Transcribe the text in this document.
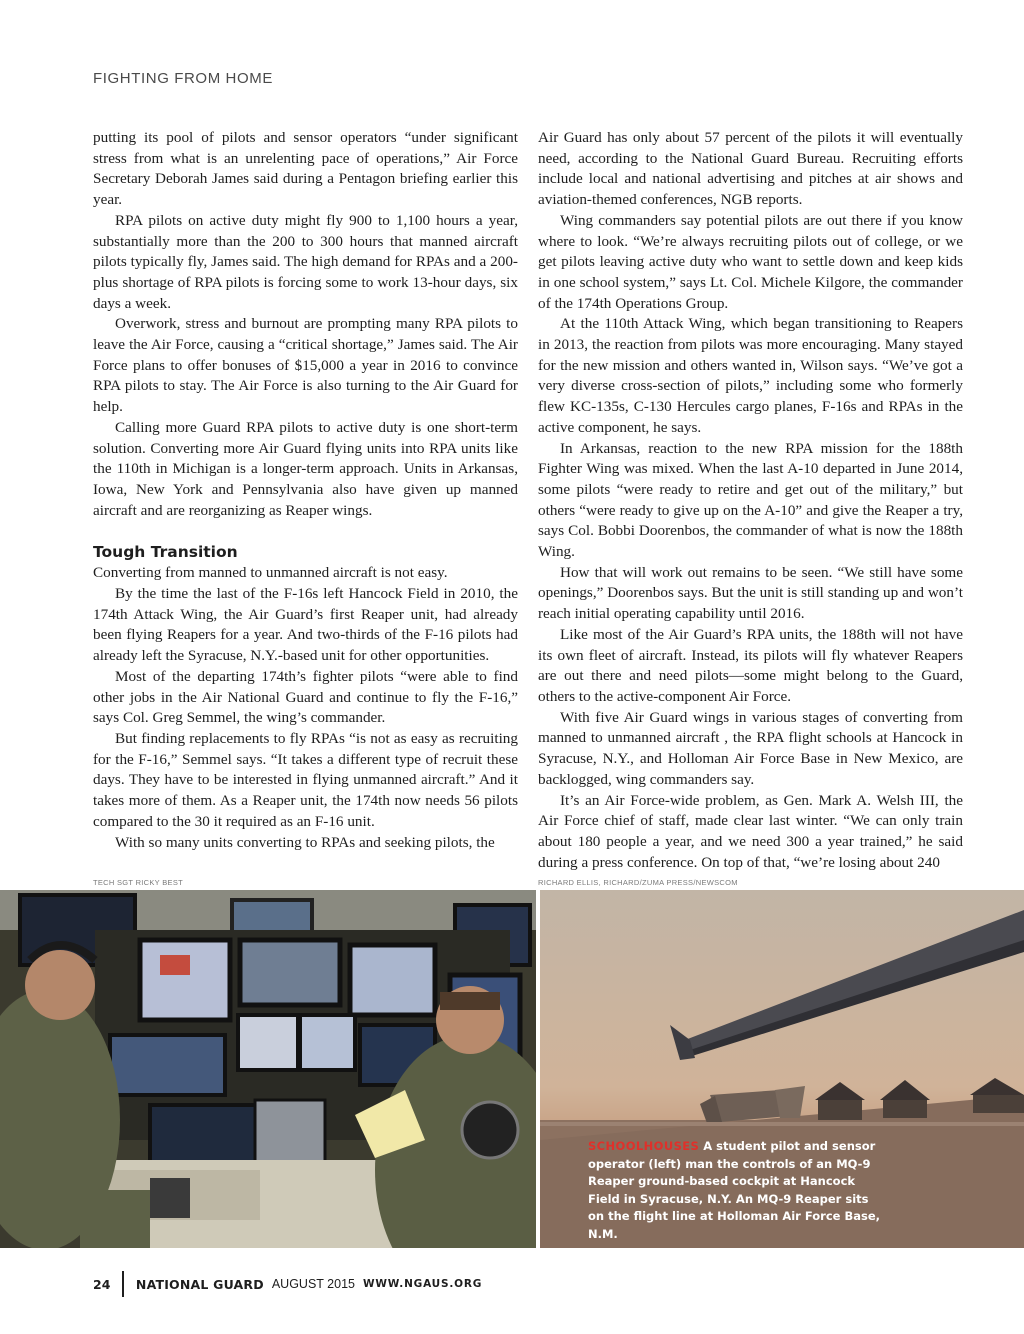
FIGHTING FROM HOME

putting its pool of pilots and sensor operators “under significant stress from what is an unrelenting pace of operations,” Air Force Secretary Deborah James said during a Pentagon briefing earlier this year.

RPA pilots on active duty might fly 900 to 1,100 hours a year, substantially more than the 200 to 300 hours that manned aircraft pilots typically fly, James said. The high demand for RPAs and a 200-plus shortage of RPA pilots is forcing some to work 13-hour days, six days a week.

Overwork, stress and burnout are prompting many RPA pilots to leave the Air Force, causing a “critical shortage,” James said. The Air Force plans to offer bonuses of $15,000 a year in 2016 to convince RPA pilots to stay. The Air Force is also turning to the Air Guard for help.

Calling more Guard RPA pilots to active duty is one short-term solution. Converting more Air Guard flying units into RPA units like the 110th in Michigan is a longer-term approach. Units in Arkansas, Iowa, New York and Pennsylvania also have given up manned aircraft and are reorganizing as Reaper wings.

Tough Transition

Converting from manned to unmanned aircraft is not easy.

By the time the last of the F-16s left Hancock Field in 2010, the 174th Attack Wing, the Air Guard’s first Reaper unit, had already been flying Reapers for a year. And two-thirds of the F-16 pilots had already left the Syracuse, N.Y.-based unit for other opportunities.

Most of the departing 174th’s fighter pilots “were able to find other jobs in the Air National Guard and continue to fly the F-16,” says Col. Greg Semmel, the wing’s commander.

But finding replacements to fly RPAs “is not as easy as recruiting for the F-16,” Semmel says. “It takes a different type of recruit these days. They have to be interested in flying unmanned aircraft.” And it takes more of them. As a Reaper unit, the 174th now needs 56 pilots compared to the 30 it required as an F-16 unit.

With so many units converting to RPAs and seeking pilots, the

Air Guard has only about 57 percent of the pilots it will eventually need, according to the National Guard Bureau. Recruiting efforts include local and national advertising and pitches at air shows and aviation-themed conferences, NGB reports.

Wing commanders say potential pilots are out there if you know where to look. “We’re always recruiting pilots out of college, or we get pilots leaving active duty who want to settle down and keep kids in one school system,” says Lt. Col. Michele Kilgore, the commander of the 174th Operations Group.

At the 110th Attack Wing, which began transitioning to Reapers in 2013, the reaction from pilots was more encouraging. Many stayed for the new mission and others wanted in, Wilson says. “We’ve got a very diverse cross-section of pilots,” including some who formerly flew KC-135s, C-130 Hercules cargo planes, F-16s and RPAs in the active component, he says.

In Arkansas, reaction to the new RPA mission for the 188th Fighter Wing was mixed. When the last A-10 departed in June 2014, some pilots “were ready to retire and get out of the military,” but others “were ready to give up on the A-10” and give the Reaper a try, says Col. Bobbi Doorenbos, the commander of what is now the 188th Wing.

How that will work out remains to be seen. “We still have some openings,” Doorenbos says. But the unit is still standing up and won’t reach initial operating capability until 2016.

Like most of the Air Guard’s RPA units, the 188th will not have its own fleet of aircraft. Instead, its pilots will fly whatever Reapers are out there and need pilots—some might belong to the Guard, others to the active-component Air Force.

With five Air Guard wings in various stages of converting from manned to unmanned aircraft , the RPA flight schools at Hancock in Syracuse, N.Y., and Holloman Air Force Base in New Mexico, are backlogged, wing commanders say.

It’s an Air Force-wide problem, as Gen. Mark A. Welsh III, the Air Force chief of staff, made clear last winter. “We can only train about 180 people a year, and we need 300 a year trained,” he said during a press conference. On top of that, “we’re losing about 240

TECH SGT RICKY BEST	RICHARD ELLIS, RICHARD/ZUMA PRESS/NEWSCOM
SCHOOLHOUSES A student pilot and sensor operator (left) man the controls of an MQ-9 Reaper ground-based cockpit at Hancock Field in Syracuse, N.Y. An MQ-9 Reaper sits on the flight line at Holloman Air Force Base, N.M.
24 NATIONAL GUARD AUGUST 2015 WWW.NGAUS.ORG
